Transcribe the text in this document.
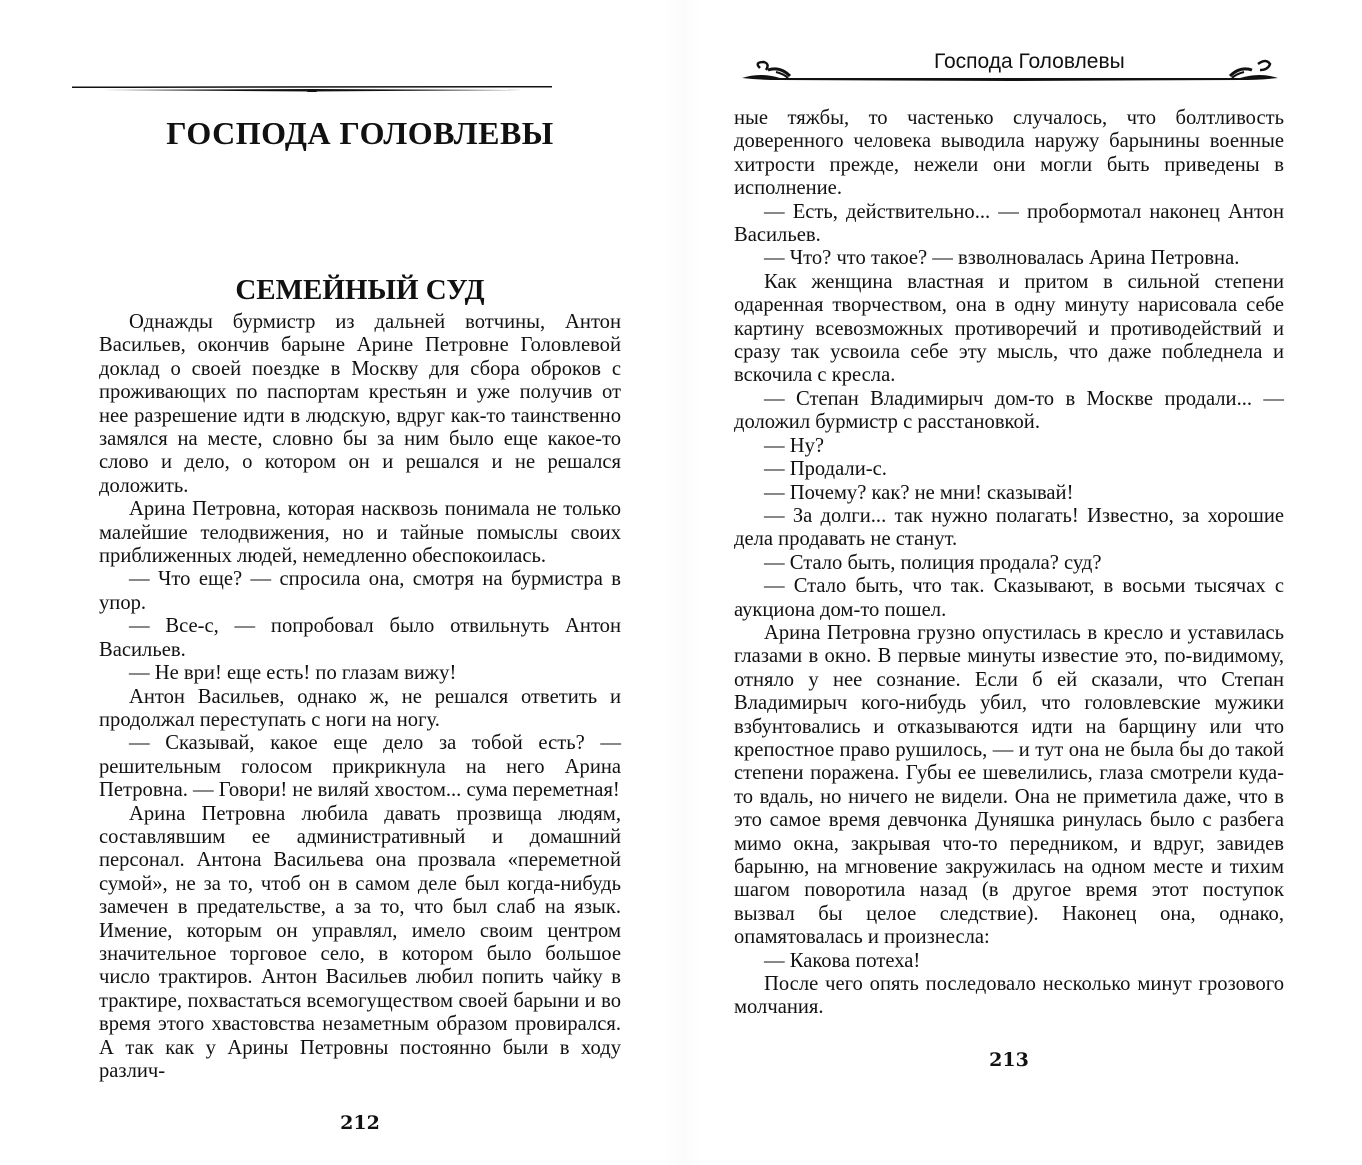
ГОСПОДА ГОЛОВЛЕВЫ
СЕМЕЙНЫЙ СУД

Однажды бурмистр из дальней вотчины, Антон Васильев, окончив барыне Арине Петровне Головлевой доклад о своей поездке в Москву для сбора оброков с проживающих по паспортам крестьян и уже получив от нее разрешение идти в людскую, вдруг как-то таинственно замялся на месте, словно бы за ним было еще какое-то слово и дело, о котором он и решался и не решался доложить.

Арина Петровна, которая насквозь понимала не только малейшие телодвижения, но и тайные помыслы своих приближенных людей, немедленно обеспокоилась.

— Что еще? — спросила она, смотря на бурмистра в упор.

— Все-с, — попробовал было отвильнуть Антон Васильев.

— Не ври! еще есть! по глазам вижу!

Антон Васильев, однако ж, не решался ответить и продолжал переступать с ноги на ногу.

— Сказывай, какое еще дело за тобой есть? — решительным голосом прикрикнула на него Арина Петровна. — Говори! не виляй хвостом... сума переметная!

Арина Петровна любила давать прозвища людям, составлявшим ее административный и домашний персонал. Антона Васильева она прозвала «переметной сумой», не за то, чтоб он в самом деле был когда-нибудь замечен в предательстве, а за то, что был слаб на язык. Имение, которым он управлял, имело своим центром значительное торговое село, в котором было большое число трактиров. Антон Васильев любил попить чайку в трактире, похвастаться всемогуществом своей барыни и во время этого хвастовства незаметным образом провирался. А так как у Арины Петровны постоянно были в ходу различ-

212
Господа Головлевы

ные тяжбы, то частенько случалось, что болтливость доверенного человека выводила наружу барынины военные хитрости прежде, нежели они могли быть приведены в исполнение.

— Есть, действительно... — пробормотал наконец Антон Васильев.

— Что? что такое? — взволновалась Арина Петровна.

Как женщина властная и притом в сильной степени одаренная творчеством, она в одну минуту нарисовала себе картину всевозможных противоречий и противодействий и сразу так усвоила себе эту мысль, что даже побледнела и вскочила с кресла.

— Степан Владимирыч дом-то в Москве продали... — доложил бурмистр с расстановкой.

— Ну?

— Продали-с.

— Почему? как? не мни! сказывай!

— За долги... так нужно полагать! Известно, за хорошие дела продавать не станут.

— Стало быть, полиция продала? суд?

— Стало быть, что так. Сказывают, в восьми тысячах с аукциона дом-то пошел.

Арина Петровна грузно опустилась в кресло и уставилась глазами в окно. В первые минуты известие это, по-видимому, отняло у нее сознание. Если б ей сказали, что Степан Владимирыч кого-нибудь убил, что головлевские мужики взбунтовались и отказываются идти на барщину или что крепостное право рушилось, — и тут она не была бы до такой степени поражена. Губы ее шевелились, глаза смотрели куда-то вдаль, но ничего не видели. Она не приметила даже, что в это самое время девчонка Дуняшка ринулась было с разбега мимо окна, закрывая что-то передником, и вдруг, завидев барыню, на мгновение закружилась на одном месте и тихим шагом поворотила назад (в другое время этот поступок вызвал бы целое следствие). Наконец она, однако, опамятовалась и произнесла:

— Какова потеха!

После чего опять последовало несколько минут грозового молчания.

213
